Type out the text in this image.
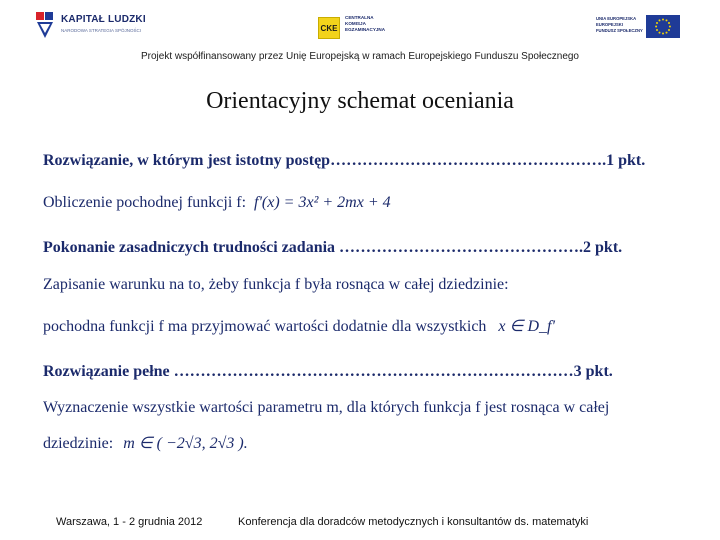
KAPITAŁ LUDZKI
NARODOWA STRATEGIA SPÓJNOŚCI	CKE
CENTRALNA
KOMISJA
EGZAMINACYJNA
UNIA EUROPEJSKA
EUROPEJSKI
FUNDUSZ SPOŁECZNY
Projekt współfinansowany przez Unię Europejską w ramach Europejskiego Funduszu Społecznego
Orientacyjny schemat oceniania
Rozwiązanie, w którym jest istotny postęp…………………………………………….1 pkt.
Obliczenie pochodnej funkcji f: f'(x) = 3x² + 2mx + 4
Pokonanie zasadniczych trudności zadania ……………………………………….2 pkt.
Zapisanie warunku na to, żeby funkcja f była rosnąca w całej dziedzinie:
pochodna funkcji f ma przyjmować wartości dodatnie dla wszystkich x ∈ D_f'
Rozwiązanie pełne …………………………………………………………………3 pkt.
Wyznaczenie wszystkie wartości parametru m, dla których funkcja f jest rosnąca w całej
dziedzinie: m ∈ ( −2√3, 2√3 ).
Warszawa, 1 - 2 grudnia 2012	Konferencja dla doradców metodycznych i konsultantów ds. matematyki
